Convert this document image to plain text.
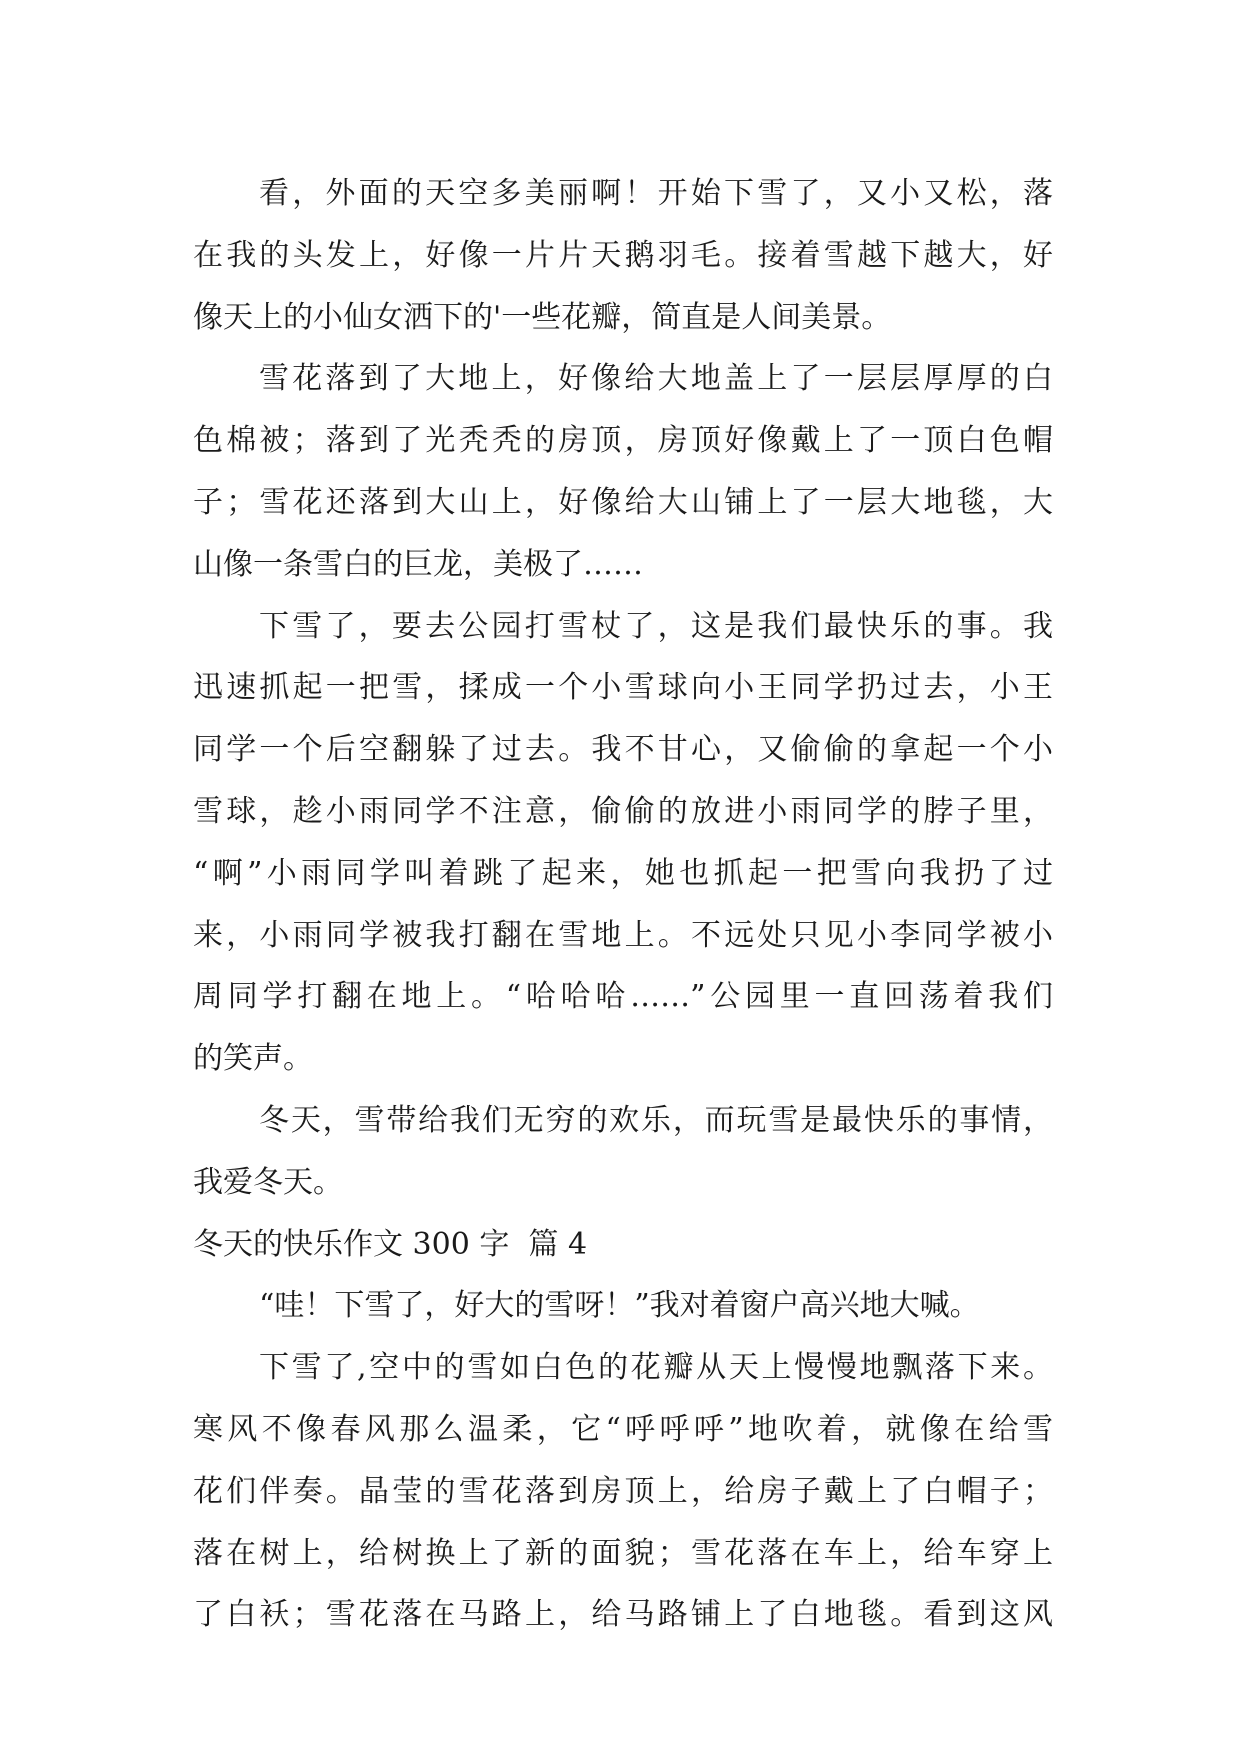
看，外面的天空多美丽啊！开始下雪了，又小又松，落
在我的头发上，好像一片片天鹅羽毛。接着雪越下越大，好
像天上的小仙女洒下的'一些花瓣，简直是人间美景。
雪花落到了大地上，好像给大地盖上了一层层厚厚的白
色棉被；落到了光秃秃的房顶，房顶好像戴上了一顶白色帽
子；雪花还落到大山上，好像给大山铺上了一层大地毯，大
山像一条雪白的巨龙，美极了……
下雪了，要去公园打雪杖了，这是我们最快乐的事。我
迅速抓起一把雪，揉成一个小雪球向小王同学扔过去，小王
同学一个后空翻躲了过去。我不甘心，又偷偷的拿起一个小
雪球，趁小雨同学不注意，偷偷的放进小雨同学的脖子里，
“啊”小雨同学叫着跳了起来，她也抓起一把雪向我扔了过
来，小雨同学被我打翻在雪地上。不远处只见小李同学被小
周同学打翻在地上。“哈哈哈……”公园里一直回荡着我们
的笑声。
冬天，雪带给我们无穷的欢乐，而玩雪是最快乐的事情，
我爱冬天。
冬天的快乐作文 300 字  篇 4
“哇！下雪了，好大的雪呀！”我对着窗户高兴地大喊。
下雪了,空中的雪如白色的花瓣从天上慢慢地飘落下来。
寒风不像春风那么温柔，它“呼呼呼”地吹着，就像在给雪
花们伴奏。晶莹的雪花落到房顶上，给房子戴上了白帽子；
落在树上，给树换上了新的面貌；雪花落在车上，给车穿上
了白袄；雪花落在马路上，给马路铺上了白地毯。看到这风
